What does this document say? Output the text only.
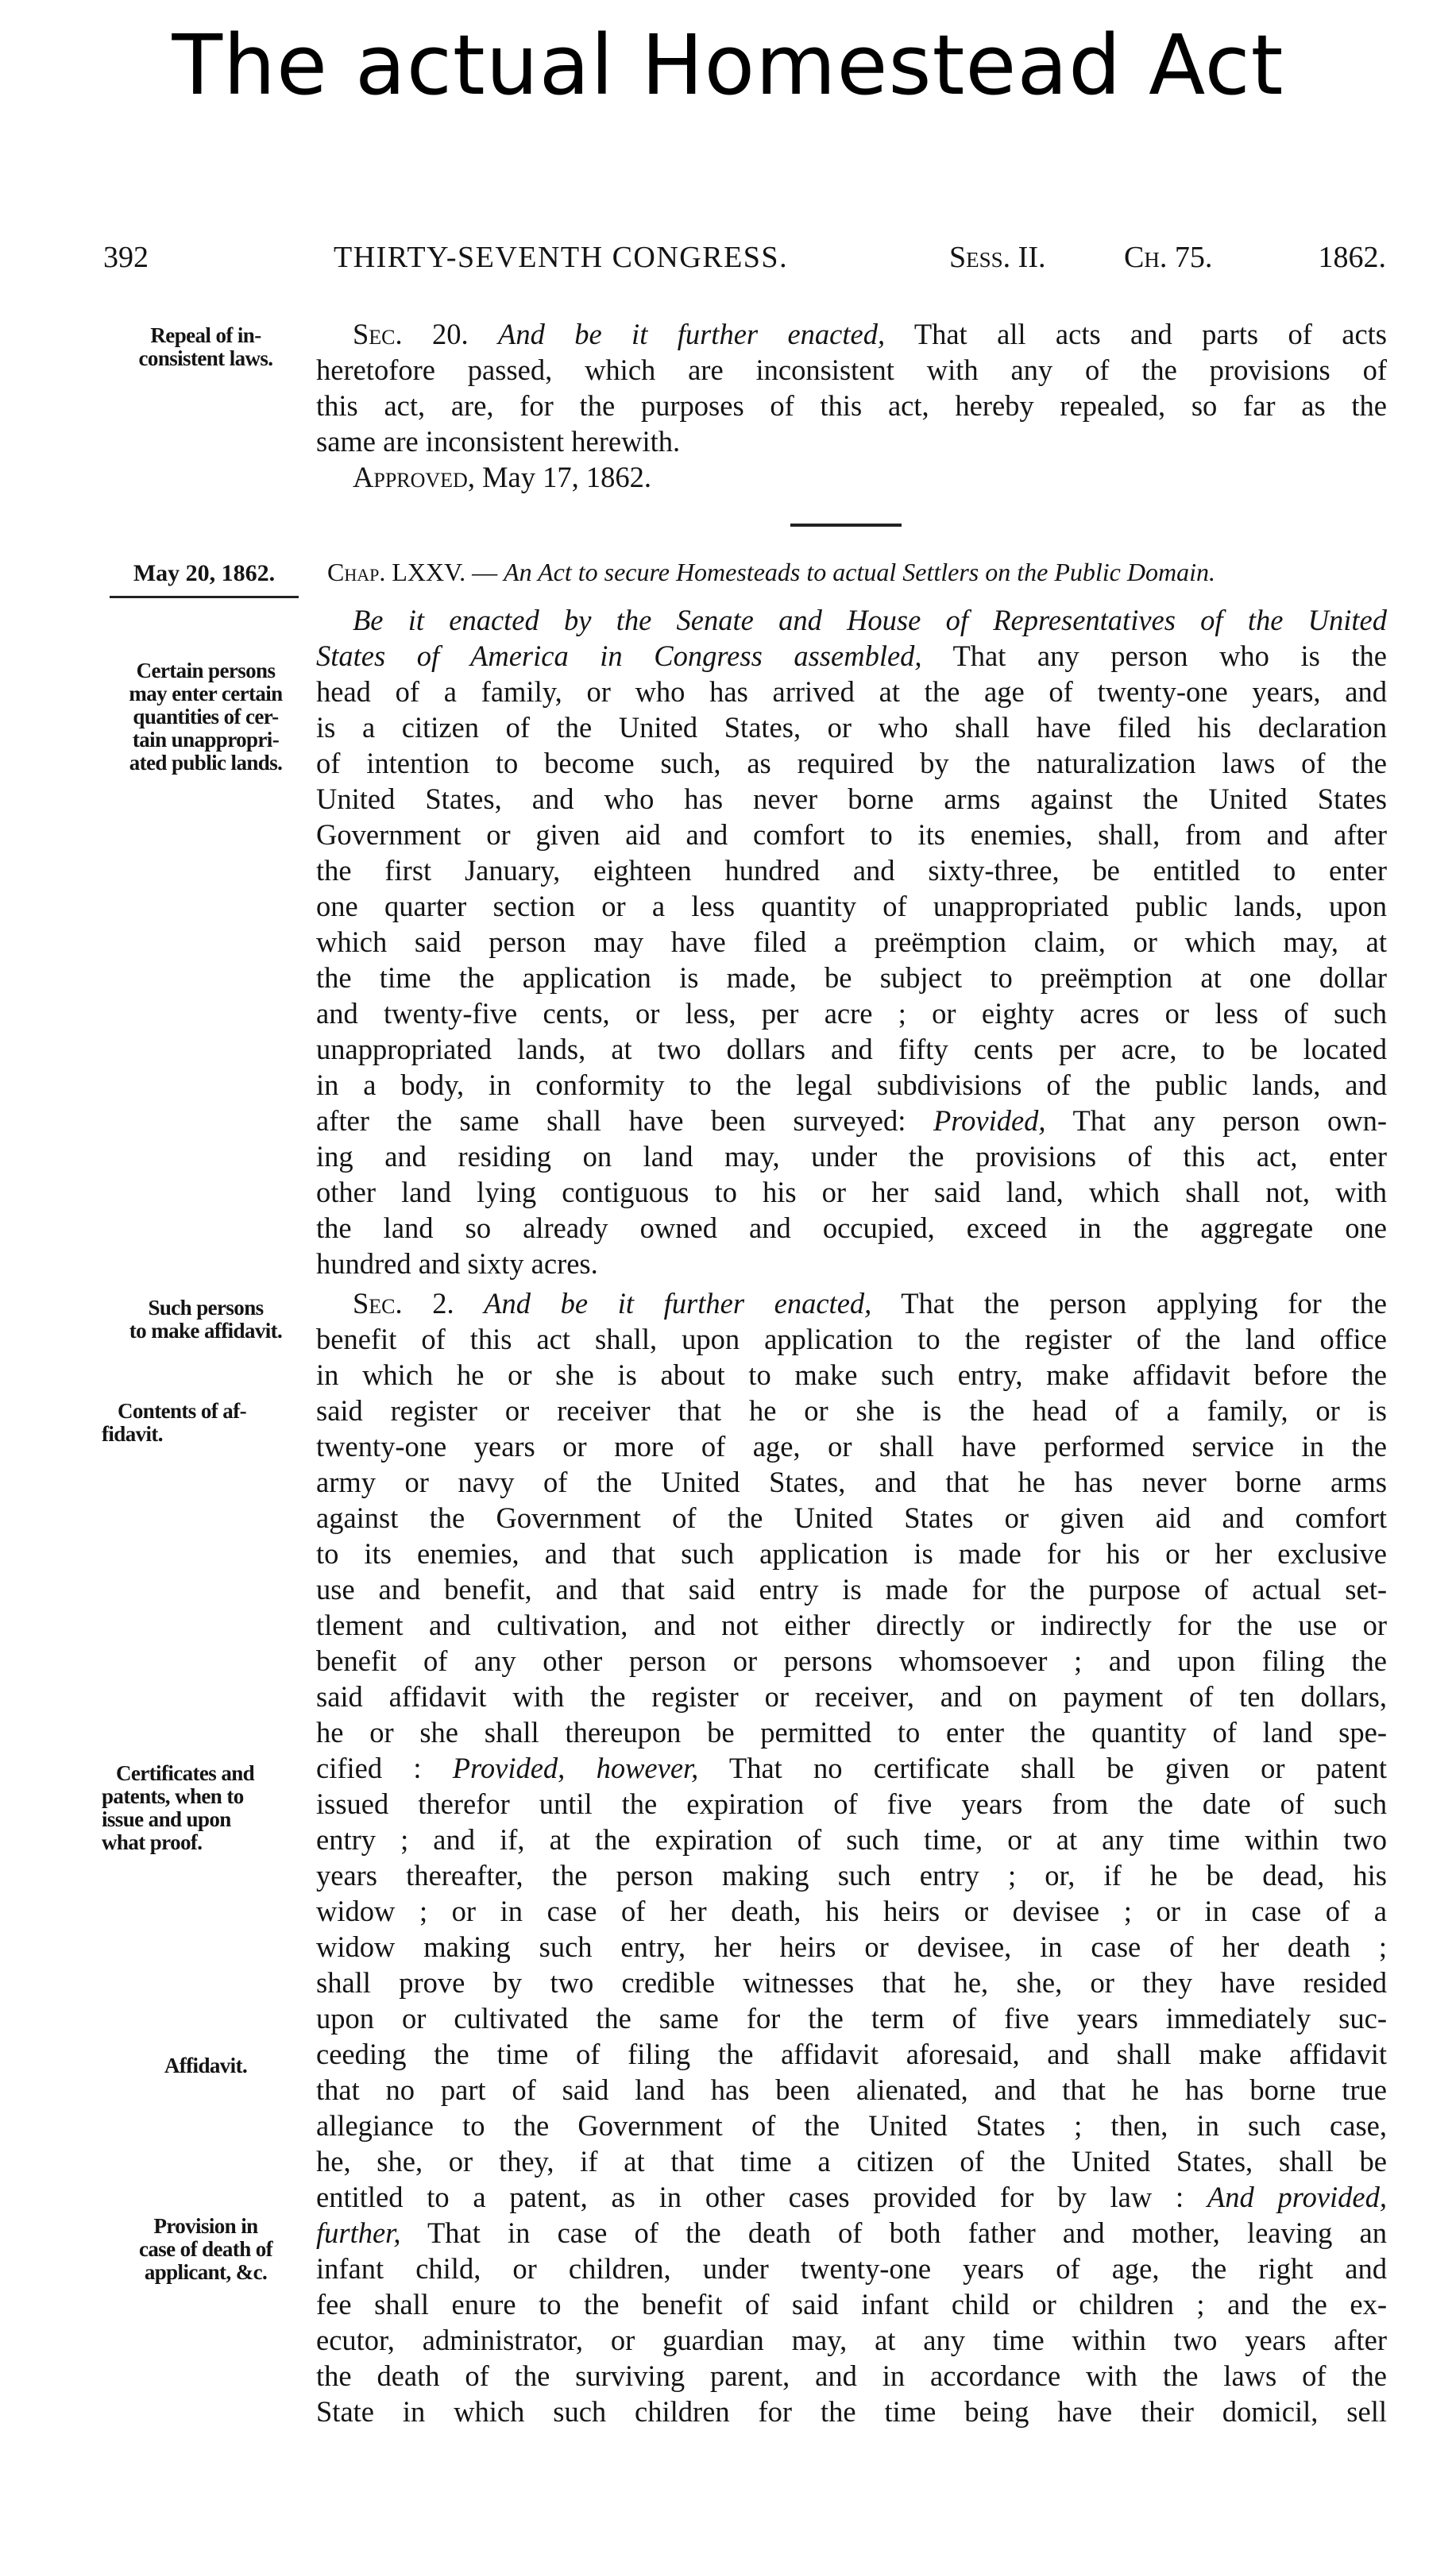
The actual Homestead Act
392	THIRTY-SEVENTH CONGRESS.	Sess. II.	Ch. 75.	1862.
Repeal of in-
consistent laws.
Sec. 20. And be it further enacted, That all acts and parts of acts
heretofore passed, which are inconsistent with any of the provisions of
this act, are, for the purposes of this act, hereby repealed, so far as the
same are inconsistent herewith.
Approved, May 17, 1862.
May 20, 1862.	Chap. LXXV. — An Act to secure Homesteads to actual Settlers on the Public Domain.
Certain persons
may enter certain
quantities of cer-
tain unappropri-
ated public lands.
Be it enacted by the Senate and House of Representatives of the United
States of America in Congress assembled, That any person who is the
head of a family, or who has arrived at the age of twenty-one years, and
is a citizen of the United States, or who shall have filed his declaration
of intention to become such, as required by the naturalization laws of the
United States, and who has never borne arms against the United States
Government or given aid and comfort to its enemies, shall, from and after
the first January, eighteen hundred and sixty-three, be entitled to enter
one quarter section or a less quantity of unappropriated public lands, upon
which said person may have filed a preëmption claim, or which may, at
the time the application is made, be subject to preëmption at one dollar
and twenty-five cents, or less, per acre ; or eighty acres or less of such
unappropriated lands, at two dollars and fifty cents per acre, to be located
in a body, in conformity to the legal subdivisions of the public lands, and
after the same shall have been surveyed: Provided, That any person own-
ing and residing on land may, under the provisions of this act, enter
other land lying contiguous to his or her said land, which shall not, with
the land so already owned and occupied, exceed in the aggregate one
hundred and sixty acres.
Such persons
to make affidavit.
Contents of af-
fidavit.
Certificates and
patents, when to
issue and upon
what proof.
Affidavit.
Provision in
case of death of
applicant, &c.
Sec. 2. And be it further enacted, That the person applying for the
benefit of this act shall, upon application to the register of the land office
in which he or she is about to make such entry, make affidavit before the
said register or receiver that he or she is the head of a family, or is
twenty-one years or more of age, or shall have performed service in the
army or navy of the United States, and that he has never borne arms
against the Government of the United States or given aid and comfort
to its enemies, and that such application is made for his or her exclusive
use and benefit, and that said entry is made for the purpose of actual set-
tlement and cultivation, and not either directly or indirectly for the use or
benefit of any other person or persons whomsoever ; and upon filing the
said affidavit with the register or receiver, and on payment of ten dollars,
he or she shall thereupon be permitted to enter the quantity of land spe-
cified : Provided, however, That no certificate shall be given or patent
issued therefor until the expiration of five years from the date of such
entry ; and if, at the expiration of such time, or at any time within two
years thereafter, the person making such entry ; or, if he be dead, his
widow ; or in case of her death, his heirs or devisee ; or in case of a
widow making such entry, her heirs or devisee, in case of her death ;
shall prove by two credible witnesses that he, she, or they have resided
upon or cultivated the same for the term of five years immediately suc-
ceeding the time of filing the affidavit aforesaid, and shall make affidavit
that no part of said land has been alienated, and that he has borne true
allegiance to the Government of the United States ; then, in such case,
he, she, or they, if at that time a citizen of the United States, shall be
entitled to a patent, as in other cases provided for by law : And provided,
further, That in case of the death of both father and mother, leaving an
infant child, or children, under twenty-one years of age, the right and
fee shall enure to the benefit of said infant child or children ; and the ex-
ecutor, administrator, or guardian may, at any time within two years after
the death of the surviving parent, and in accordance with the laws of the
State in which such children for the time being have their domicil, sell
